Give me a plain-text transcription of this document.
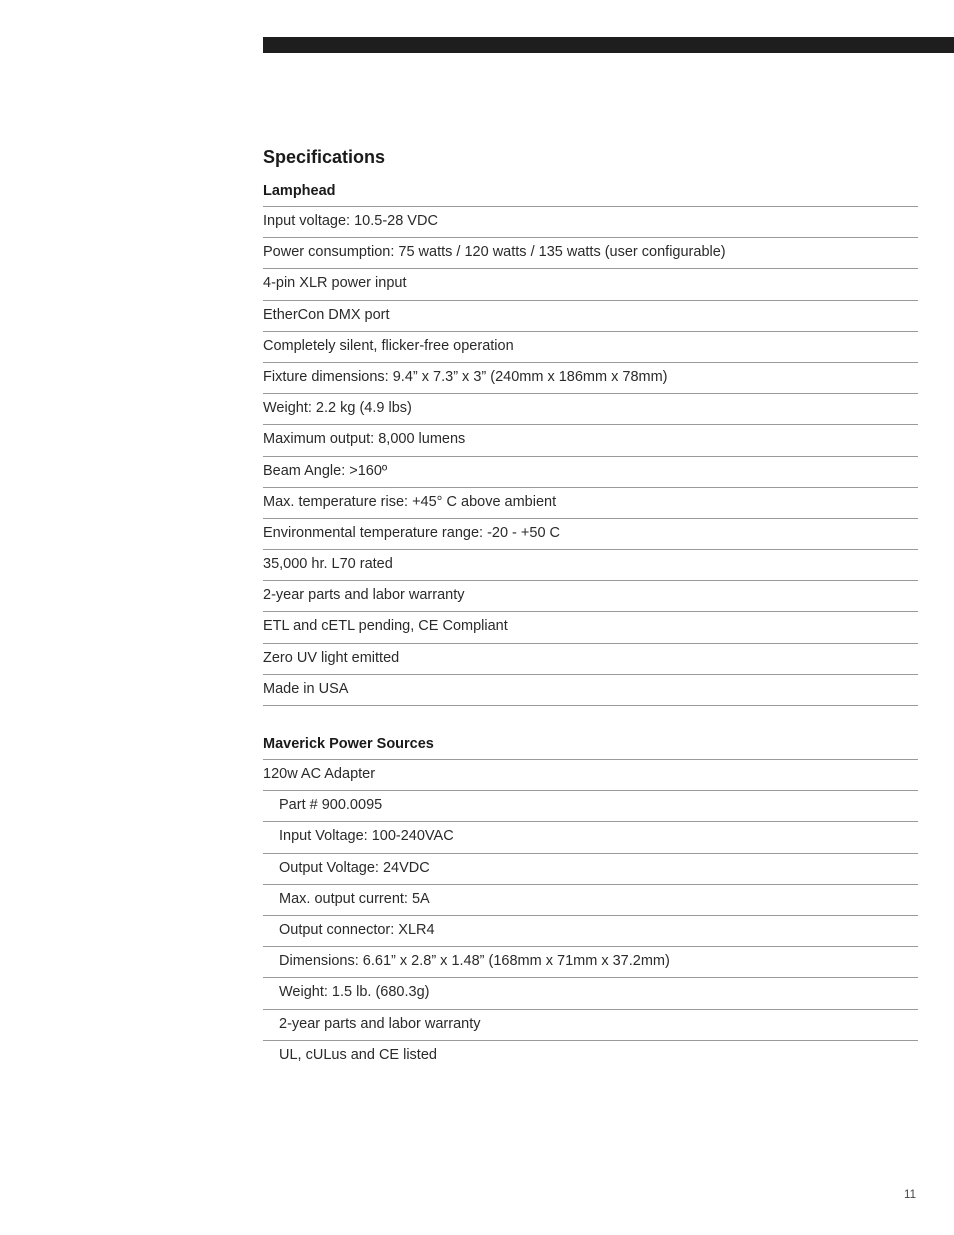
Specifications
Lamphead
Input voltage: 10.5-28 VDC
Power consumption: 75 watts / 120 watts / 135 watts (user configurable)
4-pin XLR power input
EtherCon DMX port
Completely silent, flicker-free operation
Fixture dimensions: 9.4” x 7.3” x 3” (240mm x 186mm x 78mm)
Weight: 2.2 kg (4.9 lbs)
Maximum output: 8,000 lumens
Beam Angle: >160º
Max. temperature rise: +45° C above ambient
Environmental temperature range: -20 - +50 C
35,000 hr. L70 rated
2-year parts and labor warranty
ETL and cETL pending, CE Compliant
Zero UV light emitted
Made in USA
Maverick Power Sources
120w AC Adapter
Part # 900.0095
Input Voltage: 100-240VAC
Output Voltage: 24VDC
Max. output current: 5A
Output connector: XLR4
Dimensions: 6.61” x 2.8” x 1.48” (168mm x 71mm x 37.2mm)
Weight: 1.5 lb. (680.3g)
2-year parts and labor warranty
UL, cULus and CE listed
11
